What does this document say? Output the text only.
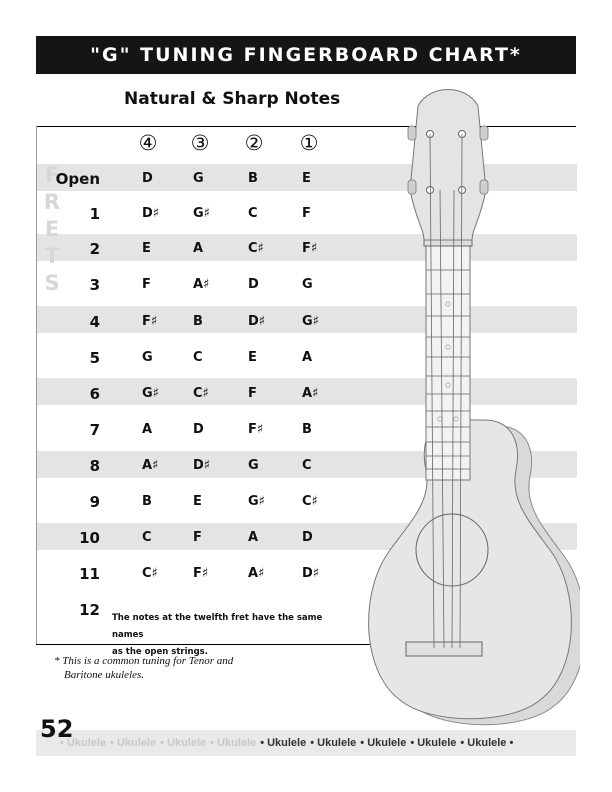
"G" TUNING FINGERBOARD CHART*
Natural & Sharp Notes
④ ③ ② ①
F
R
E
T
S
Open	D	G	B	E
1	D♯	G♯	C	F
2	E	A	C♯	F♯
3	F	A♯	D	G
4	F♯	B	D♯	G♯
5	G	C	E	A
6	G♯	C♯	F	A♯
7	A	D	F♯	B
8	A♯	D♯	G	C
9	B	E	G♯	C♯
10	C	F	A	D
11	C♯	F♯	A♯	D♯
12 The notes at the twelfth fret have the same names
as the open strings.
* This is a common tuning for Tenor and
Baritone ukuleles.
52
• Ukulele • Ukulele • Ukulele • Ukulele • Ukulele • Ukulele • Ukulele • Ukulele • Ukulele •
